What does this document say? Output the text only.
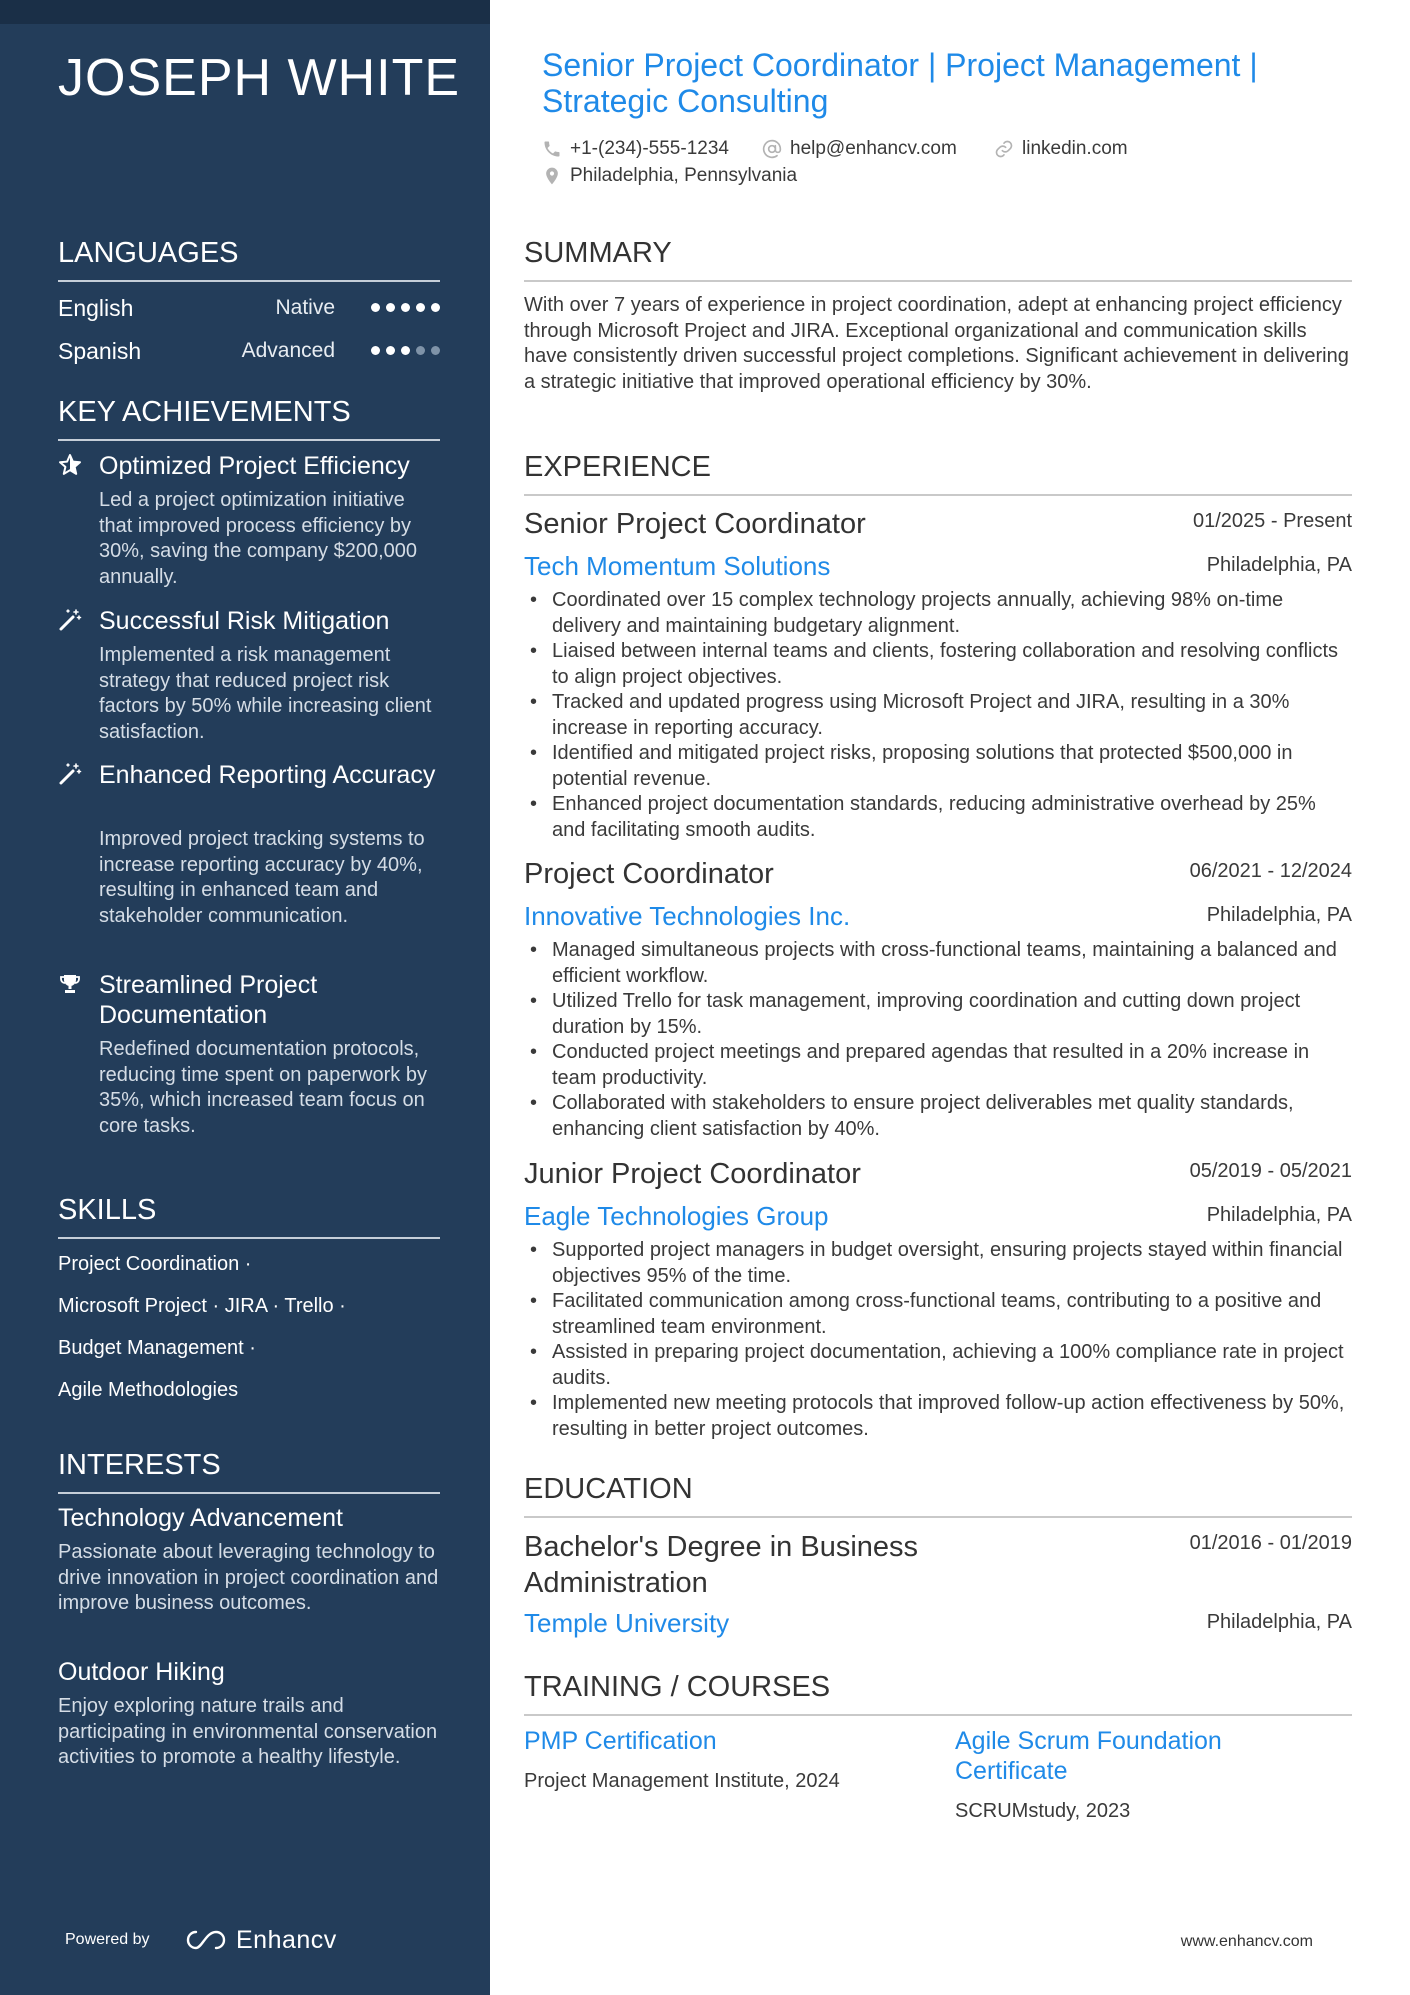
JOSEPH WHITE
LANGUAGES
English	Native
Spanish	Advanced
KEY ACHIEVEMENTS
Optimized Project Efficiency
Led a project optimization initiative that improved process efficiency by 30%, saving the company $200,000 annually.
Successful Risk Mitigation
Implemented a risk management strategy that reduced project risk factors by 50% while increasing client satisfaction.
Enhanced Reporting Accuracy
Improved project tracking systems to increase reporting accuracy by 40%, resulting in enhanced team and stakeholder communication.
Streamlined Project Documentation
Redefined documentation protocols, reducing time spent on paperwork by 35%, which increased team focus on core tasks.
SKILLS
Project Coordination ·
Microsoft Project · JIRA · Trello ·
Budget Management ·
Agile Methodologies
INTERESTS
Technology Advancement
Passionate about leveraging technology to drive innovation in project coordination and improve business outcomes.
Outdoor Hiking
Enjoy exploring nature trails and participating in environmental conservation activities to promote a healthy lifestyle.
Powered by	Enhancv
Senior Project Coordinator | Project Management | Strategic Consulting
+1-(234)-555-1234	help@enhancv.com	linkedin.com
Philadelphia, Pennsylvania
SUMMARY

With over 7 years of experience in project coordination, adept at enhancing project efficiency through Microsoft Project and JIRA. Exceptional organizational and communication skills have consistently driven successful project completions. Significant achievement in delivering a strategic initiative that improved operational efficiency by 30%.

EXPERIENCE
Senior Project Coordinator	01/2025 - Present
Tech Momentum Solutions	Philadelphia, PA
• Coordinated over 15 complex technology projects annually, achieving 98% on-time delivery and maintaining budgetary alignment.
• Liaised between internal teams and clients, fostering collaboration and resolving conflicts to align project objectives.
• Tracked and updated progress using Microsoft Project and JIRA, resulting in a 30% increase in reporting accuracy.
• Identified and mitigated project risks, proposing solutions that protected $500,000 in potential revenue.
• Enhanced project documentation standards, reducing administrative overhead by 25% and facilitating smooth audits.
Project Coordinator	06/2021 - 12/2024
Innovative Technologies Inc.	Philadelphia, PA
• Managed simultaneous projects with cross-functional teams, maintaining a balanced and efficient workflow.
• Utilized Trello for task management, improving coordination and cutting down project duration by 15%.
• Conducted project meetings and prepared agendas that resulted in a 20% increase in team productivity.
• Collaborated with stakeholders to ensure project deliverables met quality standards, enhancing client satisfaction by 40%.
Junior Project Coordinator	05/2019 - 05/2021
Eagle Technologies Group	Philadelphia, PA
• Supported project managers in budget oversight, ensuring projects stayed within financial objectives 95% of the time.
• Facilitated communication among cross-functional teams, contributing to a positive and streamlined team environment.
• Assisted in preparing project documentation, achieving a 100% compliance rate in project audits.
• Implemented new meeting protocols that improved follow-up action effectiveness by 50%, resulting in better project outcomes.
EDUCATION
Bachelor's Degree in Business Administration
01/2016 - 01/2019
Temple University	Philadelphia, PA
TRAINING / COURSES
PMP Certification
Project Management Institute, 2024
Agile Scrum Foundation Certificate
SCRUMstudy, 2023
www.enhancv.com
